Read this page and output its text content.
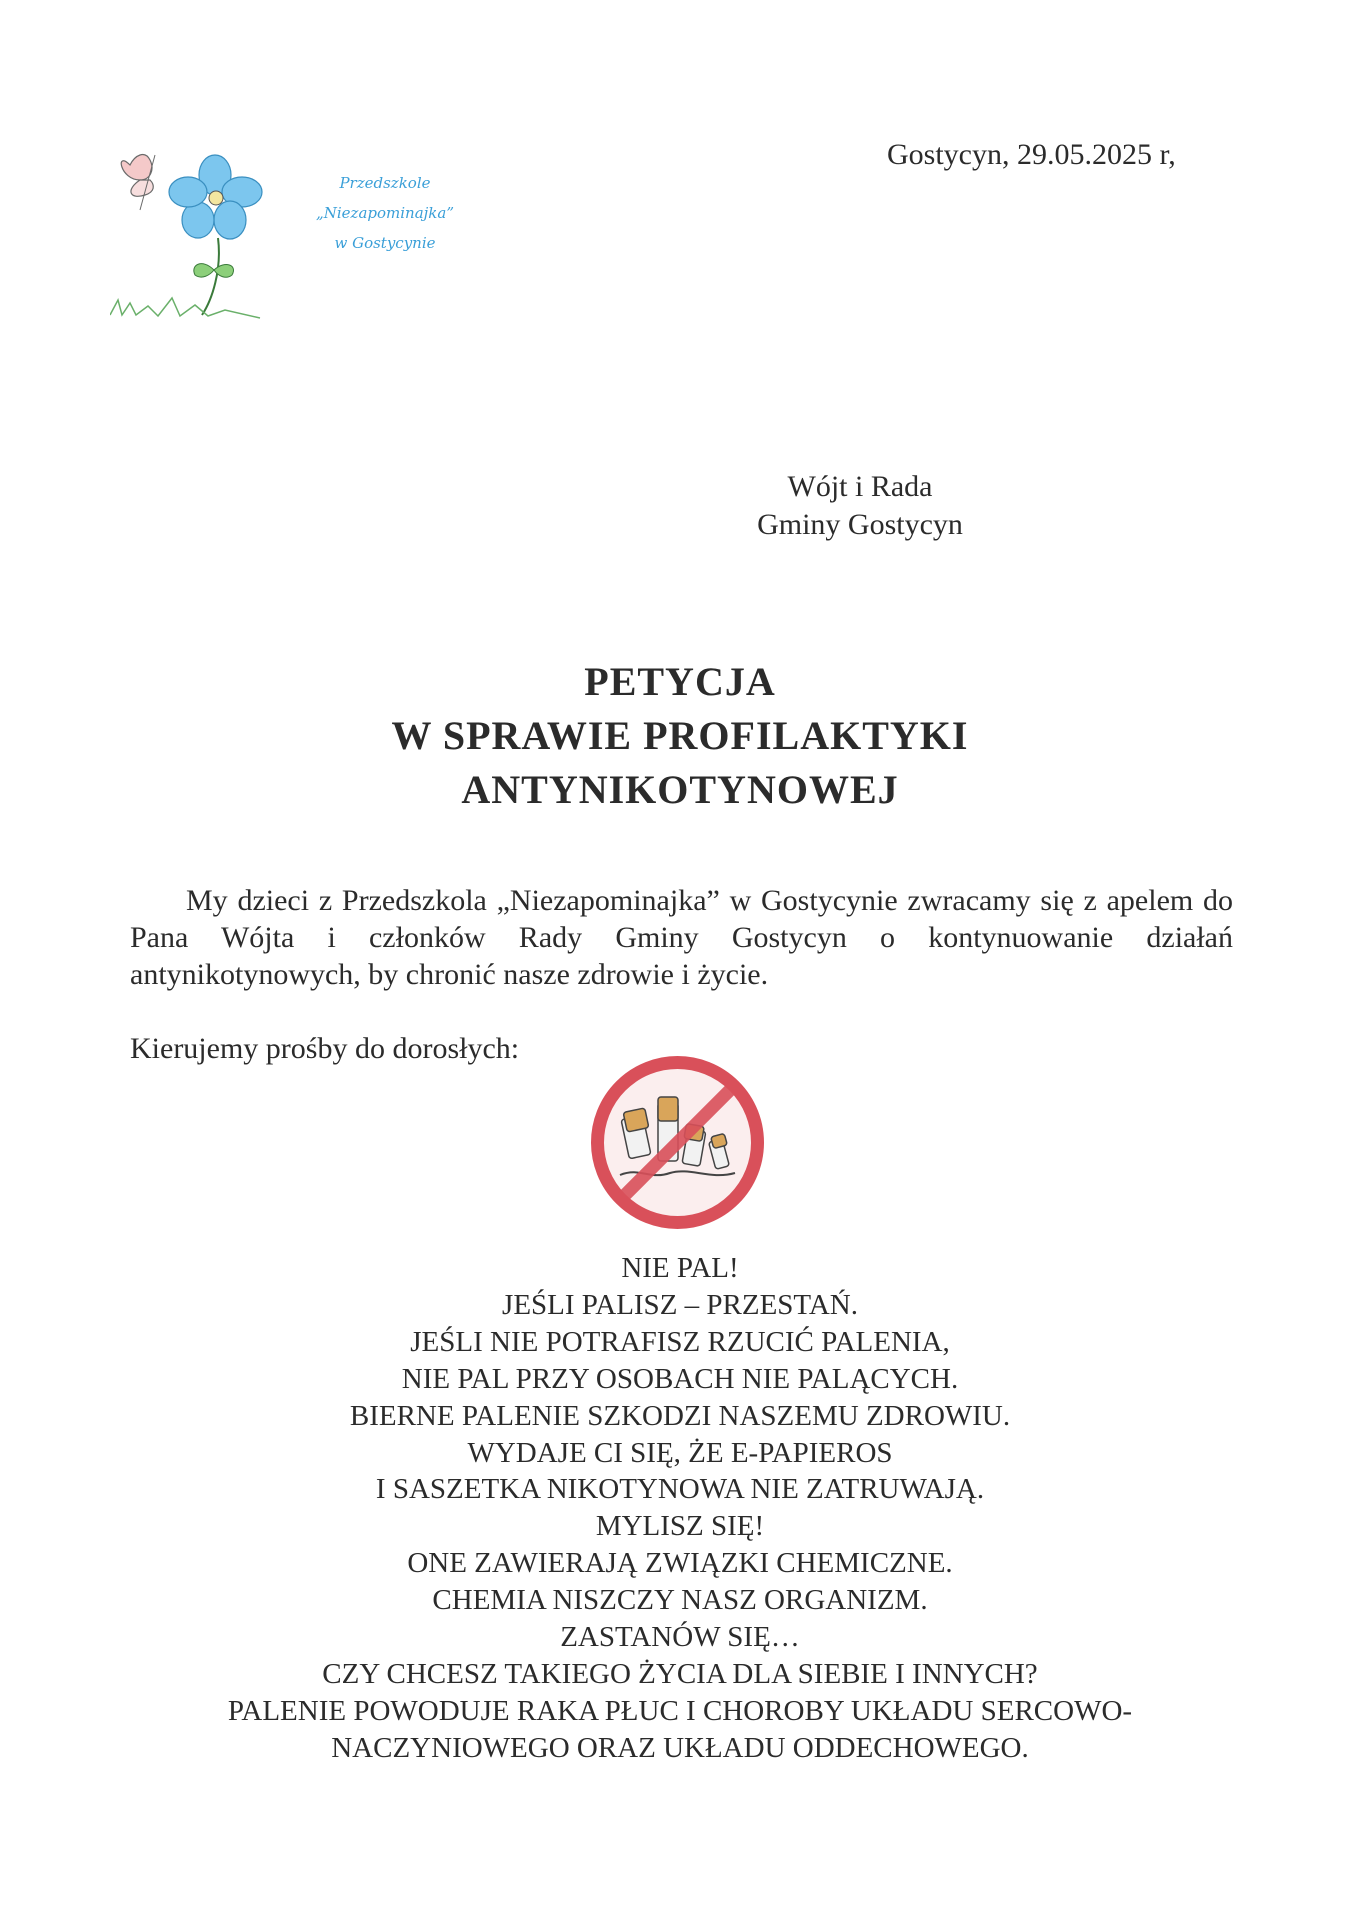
Przedszkole
„Niezapominajka”
w Gostycynie
Gostycyn, 29.05.2025 r,
Wójt i Rada
Gminy Gostycyn
PETYCJA
W SPRAWIE PROFILAKTYKI
ANTYNIKOTYNOWEJ
My dzieci z Przedszkola „Niezapominajka” w Gostycynie zwracamy się z apelem do Pana Wójta i członków Rady Gminy Gostycyn o kontynuowanie działań antynikotynowych, by chronić nasze zdrowie i życie.
Kierujemy prośby do dorosłych:
NIE PAL!
JEŚLI PALISZ – PRZESTAŃ.
JEŚLI NIE POTRAFISZ RZUCIĆ PALENIA,
NIE PAL PRZY OSOBACH NIE PALĄCYCH.
BIERNE PALENIE SZKODZI NASZEMU ZDROWIU.
WYDAJE CI SIĘ, ŻE E-PAPIEROS
I SASZETKA NIKOTYNOWA NIE ZATRUWAJĄ.
MYLISZ SIĘ!
ONE ZAWIERAJĄ ZWIĄZKI CHEMICZNE.
CHEMIA NISZCZY NASZ ORGANIZM.
ZASTANÓW SIĘ…
CZY CHCESZ TAKIEGO ŻYCIA DLA SIEBIE I INNYCH?
PALENIE POWODUJE RAKA PŁUC I CHOROBY UKŁADU SERCOWO-
NACZYNIOWEGO ORAZ UKŁADU ODDECHOWEGO.
